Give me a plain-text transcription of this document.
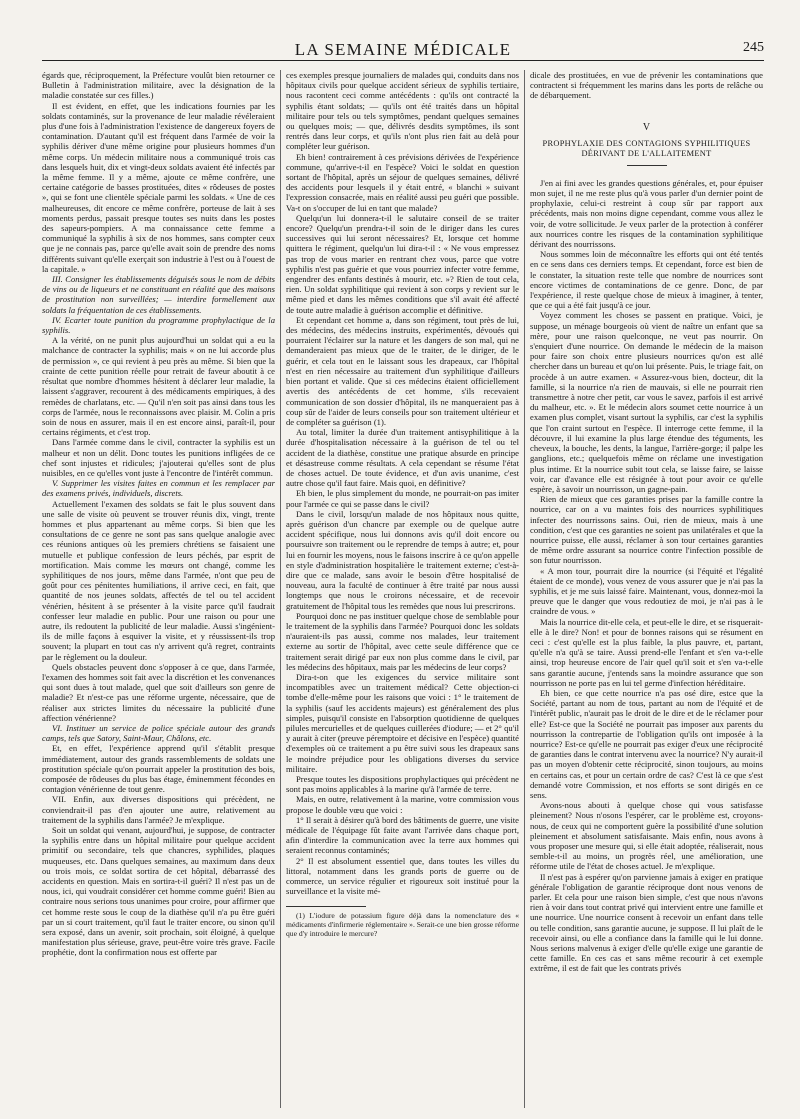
LA SEMAINE MÉDICALE	245

égards que, réciproquement, la Préfecture voulût bien retourner ce Bulletin à l'administration militaire, avec la désignation de la maladie constatée sur ces filles.)

Il est évident, en effet, que les indications fournies par les soldats contaminés, sur la provenance de leur maladie révéleraient plus d'une fois à l'administration l'existence de dangereux foyers de contamination. D'autant qu'il est fréquent dans l'armée de voir la syphilis dériver d'une même origine pour plusieurs hommes d'un même corps. Un médecin militaire nous a communiqué trois cas dans lesquels huit, dix et vingt-deux soldats avaient été infectés par la même femme. Il y a même, ajoute ce même confrère, une certaine catégorie de basses prostituées, dites « rôdeuses de postes », qui se font une clientèle spéciale parmi les soldats. « Une de ces malheureuses, dit encore ce même confrère, porteuse de lait à ses moments perdus, passait presque toutes ses nuits dans les postes des sapeurs-pompiers. A ma connaissance cette femme a communiqué la syphilis à six de nos hommes, sans compter ceux que je ne connais pas, parce qu'elle avait soin de prendre des noms différents suivant qu'elle exerçait son industrie à l'est ou à l'ouest de la capitale. »

III. Consigner les établissements déguisés sous le nom de débits de vins ou de liqueurs et ne constituant en réalité que des maisons de prostitution non surveillées; — interdire formellement aux soldats la fréquentation de ces établissements.

IV. Ecarter toute punition du programme prophylactique de la syphilis.

A la vérité, on ne punit plus aujourd'hui un soldat qui a eu la malchance de contracter la syphilis; mais « on ne lui accorde plus de permission », ce qui revient à peu près au même. Si bien que la crainte de cette punition réelle pour retrait de faveur aboutit à ce résultat que nombre d'hommes hésitent à déclarer leur maladie, la laissent s'aggraver, recourent à des médicaments empiriques, à des remèdes de charlatans, etc. — Qu'il n'en soit pas ainsi dans tous les corps de l'armée, nous le reconnaissons avec plaisir. M. Colin a pris soin de nous en assurer, mais il en est encore ainsi, paraît-il, pour certains régiments, et c'est trop.

Dans l'armée comme dans le civil, contracter la syphilis est un malheur et non un délit. Donc toutes les punitions infligées de ce chef sont injustes et ridicules; j'ajouterai qu'elles sont de plus nuisibles, en ce qu'elles vont juste à l'encontre de l'intérêt commun.

V. Supprimer les visites faites en commun et les remplacer par des examens privés, individuels, discrets.

Actuellement l'examen des soldats se fait le plus souvent dans une salle de visite où peuvent se trouver réunis dix, vingt, trente hommes et plus appartenant au même corps. Si bien que les consultations de ce genre ne sont pas sans quelque analogie avec ces réunions antiques où les premiers chrétiens se faisaient une mutuelle et publique confession de leurs péchés, par esprit de mortification. Mais comme les mœurs ont changé, comme les syphilitiques de nos jours, même dans l'armée, n'ont que peu de goût pour ces pénitentes humiliations, il arrive ceci, en fait, que quantité de nos jeunes soldats, affectés de tel ou tel accident vénérien, hésitent à se présenter à la visite parce qu'il faudrait confesser leur maladie en public. Pour une raison ou pour une autre, ils redoutent la publicité de leur maladie. Aussi s'ingénient-ils de mille façons à esquiver la visite, et y réussissent-ils trop souvent; la plupart en tout cas n'y arrivent qu'à regret, contraints par le règlement ou la douleur.

Quels obstacles peuvent donc s'opposer à ce que, dans l'armée, l'examen des hommes soit fait avec la discrétion et les convenances qui sont dues à tout malade, quel que soit d'ailleurs son genre de maladie? Et n'est-ce pas une réforme urgente, nécessaire, que de réaliser aux strictes limites du nécessaire la publicité d'une affection vénérienne?

VI. Instituer un service de police spéciale autour des grands camps, tels que Satory, Saint-Maur, Châlons, etc.

Et, en effet, l'expérience apprend qu'il s'établit presque immédiatement, autour des grands rassemblements de soldats une prostitution spéciale qu'on pourrait appeler la prostitution des bois, composée de rôdeuses du plus bas étage, éminemment fécondes en contagion vénérienne de tout genre.

VII. Enfin, aux diverses dispositions qui précèdent, ne conviendrait-il pas d'en ajouter une autre, relativement au traitement de la syphilis dans l'armée? Je m'explique.

Soit un soldat qui venant, aujourd'hui, je suppose, de contracter la syphilis entre dans un hôpital militaire pour quelque accident primitif ou secondaire, tels que chancres, syphilides, plaques muqueuses, etc. Dans quelques semaines, au maximum dans deux ou trois mois, ce soldat sortira de cet hôpital, débarrassé des accidents en question. Mais en sortira-t-il guéri? Il n'est pas un de nous, ici, qui voudrait considérer cet homme comme guéri! Bien au contraire nous serions tous unanimes pour croire, pour affirmer que cet homme reste sous le coup de la diathèse qu'il n'a pu être guéri par un si court traitement, qu'il faut le traiter encore, ou sinon qu'il sera exposé, dans un avenir, soit prochain, soit éloigné, à quelque manifestation plus sérieuse, grave, peut-être voire très grave. Facile prophétie, dont la confirmation nous est offerte par

ces exemples presque journaliers de malades qui, conduits dans nos hôpitaux civils pour quelque accident sérieux de syphilis tertiaire, nous racontent ceci comme antécédents : qu'ils ont contracté la syphilis étant soldats; — qu'ils ont été traités dans un hôpital militaire pour tels ou tels symptômes, pendant quelques semaines ou quelques mois; — que, délivrés desdits symptômes, ils sont rentrés dans leur corps, et qu'ils n'ont plus rien fait au delà pour compléter leur guérison.

Eh bien! contrairement à ces prévisions dérivées de l'expérience commune, qu'arrive-t-il en l'espèce? Voici le soldat en question sortant de l'hôpital, après un séjour de quelques semaines, délivré des accidents pour lesquels il y était entré, « blanchi » suivant l'expression consacrée, mais en réalité aussi peu guéri que possible. Va-t on s'occuper de lui en tant que malade?

Quelqu'un lui donnera-t-il le salutaire conseil de se traiter encore? Quelqu'un prendra-t-il soin de le diriger dans les cures successives qui lui seront nécessaires? Et, lorsque cet homme quittera le régiment, quelqu'un lui dira-t-il : « Ne vous empressez pas trop de vous marier en rentrant chez vous, parce que votre syphilis n'est pas guérie et que vous pourriez infecter votre femme, engendrer des enfants destinés à mourir, etc. »? Rien de tout cela, rien. Un soldat syphilitique qui revient à son corps y revient sur le même pied et dans les mêmes conditions que s'il avait été affecté de toute autre maladie à guérison accomplie et définitive.

Et cependant cet homme a, dans son régiment, tout près de lui, des médecins, des médecins instruits, expérimentés, dévoués qui pourraient l'éclairer sur la nature et les dangers de son mal, qui ne demanderaient pas mieux que de le traiter, de le diriger, de le guérir, et cela tout en le laissant sous les drapeaux, car l'hôpital n'est en rien nécessaire au traitement d'un syphilitique d'ailleurs bien portant et valide. Que si ces médecins étaient officiellement avertis des antécédents de cet homme, s'ils recevaient communication de son dossier d'hôpital, ils ne manqueraient pas à coup sûr de l'aider de leurs conseils pour son traitement ultérieur et de compléter sa guérison (1).

Au total, limiter la durée d'un traitement antisyphilitique à la durée d'hospitalisation nécessaire à la guérison de tel ou tel accident de la diathèse, constitue une pratique absurde en principe et désastreuse comme résultats. A cela cependant se résume l'état de choses actuel. De toute évidence, et d'un avis unanime, c'est autre chose qu'il faut faire. Mais quoi, en définitive?

Eh bien, le plus simplement du monde, ne pourrait-on pas imiter pour l'armée ce qui se passe dans le civil?

Dans le civil, lorsqu'un malade de nos hôpitaux nous quitte, après guérison d'un chancre par exemple ou de quelque autre accident spécifique, nous lui donnons avis qu'il doit encore ou poursuivre son traitement ou le reprendre de temps à autre; et, pour lui en fournir les moyens, nous le faisons inscrire à ce qu'on appelle en style d'administration hospitalière le traitement externe; c'est-à-dire que ce malade, sans avoir le besoin d'être hospitalisé de nouveau, aura la faculté de continuer à être traité par nous aussi longtemps que nous le croirons nécessaire, et de recevoir gratuitement de l'hôpital tous les remèdes que nous lui prescrirons.

Pourquoi donc ne pas instituer quelque chose de semblable pour le traitement de la syphilis dans l'armée? Pourquoi donc les soldats n'auraient-ils pas aussi, comme nos malades, leur traitement externe au sortir de l'hôpital, avec cette seule différence que ce traitement serait dirigé par eux non plus comme dans le civil, par les médecins des hôpitaux, mais par les médecins de leur corps?

Dira-t-on que les exigences du service militaire sont incompatibles avec un traitement médical? Cette objection-ci tombe d'elle-même pour les raisons que voici : 1° le traitement de la syphilis (sauf les accidents majeurs) est généralement des plus simples, puisqu'il consiste en l'absorption quotidienne de quelques pilules mercurielles et de quelques cuillerées d'iodure; — et 2° qu'il y aurait à citer (preuve péremptoire et décisive en l'espèce) quantité d'exemples où ce traitement a pu être suivi sous les drapeaux sans le moindre préjudice pour les obligations diverses du service militaire.

Presque toutes les dispositions prophylactiques qui précèdent ne sont pas moins applicables à la marine qu'à l'armée de terre.

Mais, en outre, relativement à la marine, votre commission vous propose le double vœu que voici :

1° Il serait à désirer qu'à bord des bâtiments de guerre, une visite médicale de l'équipage fût faite avant l'arrivée dans chaque port, afin d'interdire la communication avec la terre aux hommes qui seraient reconnus contaminés;

2° Il est absolument essentiel que, dans toutes les villes du littoral, notamment dans les grands ports de guerre ou de commerce, un service régulier et rigoureux soit institué pour la surveillance et la visite mé-

(1) L'iodure de potassium figure déjà dans la nomenclature des « médicaments d'infirmerie réglementaire ». Serait-ce une bien grosse réforme que d'y introduire le mercure?

dicale des prostituées, en vue de prévenir les contaminations que contractent si fréquemment les marins dans les ports de relâche ou de débarquement.

V
PROPHYLAXIE DES CONTAGIONS SYPHILITIQUES
DÉRIVANT DE L'ALLAITEMENT

J'en ai fini avec les grandes questions générales, et, pour épuiser mon sujet, il ne me reste plus qu'à vous parler d'un dernier point de prophylaxie, celui-ci restreint à coup sûr par rapport aux précédents, mais non moins digne cependant, comme vous allez le voir, de votre sollicitude. Je veux parler de la protection à conférer aux nourrices contre les risques de la contamination syphilitique dérivant des nourrissons.

Nous sommes loin de méconnaître les efforts qui ont été tentés en ce sens dans ces derniers temps. Et cependant, force est bien de le constater, la situation reste telle que nombre de nourrices sont encore victimes de contaminations de ce genre. Donc, de par l'expérience, il reste quelque chose de mieux à imaginer, à tenter, que ce qui a été fait jusqu'à ce jour.

Voyez comment les choses se passent en pratique. Voici, je suppose, un ménage bourgeois où vient de naître un enfant que sa mère, pour une raison quelconque, ne veut pas nourrir. On s'enquiert d'une nourrice. On demande le médecin de la maison pour faire son choix entre plusieurs nourrices qu'on est allé chercher dans un bureau et qu'on lui présente. Puis, le triage fait, on procède à un autre examen. « Assurez-vous bien, docteur, dit la famille, si la nourrice n'a rien de mauvais, si elle ne pourrait rien transmettre à notre cher petit, car vous le savez, parfois il est arrivé du malheur, etc. ». Et le médecin alors soumet cette nourrice à un examen plus complet, visant surtout la syphilis, car c'est la syphilis que l'on craint surtout en l'espèce. Il interroge cette femme, il la découvre, il lui examine la plus large étendue des téguments, les cheveux, la bouche, les dents, la langue, l'arrière-gorge; il palpe les ganglions, etc.; quelquefois même on réclame une investigation plus intime. Et la nourrice subit tout cela, se laisse faire, se laisse voir, car d'avance elle est résignée à tout pour avoir ce qu'elle espère, à savoir un nourrisson, un gagne-pain.

Rien de mieux que ces garanties prises par la famille contre la nourrice, car on a vu maintes fois des nourrices syphilitiques infecter des nourrissons sains. Oui, rien de mieux, mais à une condition, c'est que ces garanties ne soient pas unilatérales et que la nourrice puisse, elle aussi, réclamer à son tour certaines garanties de même ordre assurant sa nourrice contre l'infection possible de son futur nourrisson.

« A mon tour, pourrait dire la nourrice (si l'équité et l'égalité étaient de ce monde), vous venez de vous assurer que je n'ai pas la syphilis, et je me suis laissé faire. Maintenant, vous, donnez-moi la preuve que le danger que vous redoutiez de moi, je n'ai pas à le craindre de vous. »

Mais la nourrice dit-elle cela, et peut-elle le dire, et se risquerait-elle à le dire? Non! et pour de bonnes raisons qui se résument en ceci : c'est qu'elle est la plus faible, la plus pauvre, et, partant, qu'elle n'a qu'à se taire. Aussi prend-elle l'enfant et s'en va-t-elle ainsi, trop heureuse encore de l'air quel qu'il soit et s'en va-t-elle sans garantie aucune, j'entends sans la moindre assurance que son nourrisson ne porte pas en lui tel germe d'infection héréditaire.

Eh bien, ce que cette nourrice n'a pas osé dire, estce que la Société, partant au nom de tous, partant au nom de l'équité et de l'intérêt public, n'aurait pas le droit de le dire et de le réclamer pour elle? Est-ce que la Société ne pourrait pas imposer aux parents du nourrisson la contrepartie de l'obligation qu'ils ont imposée à la nourrice? Est-ce qu'elle ne pourrait pas exiger d'eux une réciprocité de garanties dans le contrat intervenu avec la nourrice? N'y aurait-il pas un moyen d'obtenir cette réciprocité, sinon toujours, au moins en certains cas, et pour un certain ordre de cas? C'est là ce que s'est demandé votre Commission, et nos efforts se sont dirigés en ce sens.

Avons-nous abouti à quelque chose qui vous satisfasse pleinement? Nous n'osons l'espérer, car le problème est, croyons-nous, de ceux qui ne comportent guère la possibilité d'une solution pleinement et absolument satisfaisante. Mais enfin, nous avons à vous proposer une mesure qui, si elle était adoptée, réaliserait, nous semble-t-il au moins, un progrès réel, une amélioration, une réforme utile de l'état de choses actuel. Je m'explique.

Il n'est pas à espérer qu'on parvienne jamais à exiger en pratique générale l'obligation de garantie réciproque dont nous venons de parler. Et cela pour une raison bien simple, c'est que nous n'avons rien à voir dans tout contrat privé qui intervient entre une famille et une nourrice. Une nourrice consent à recevoir un enfant dans telle ou telle condition, sans garantie aucune, je suppose. Il lui plaît de le recevoir ainsi, ou elle a confiance dans la famille qui le lui donne. Nous serions malvenus à exiger d'elle qu'elle exige une garantie de cette famille. En ces cas et sans même recourir à cet exemple extrême, il est de fait que les contrats privés
